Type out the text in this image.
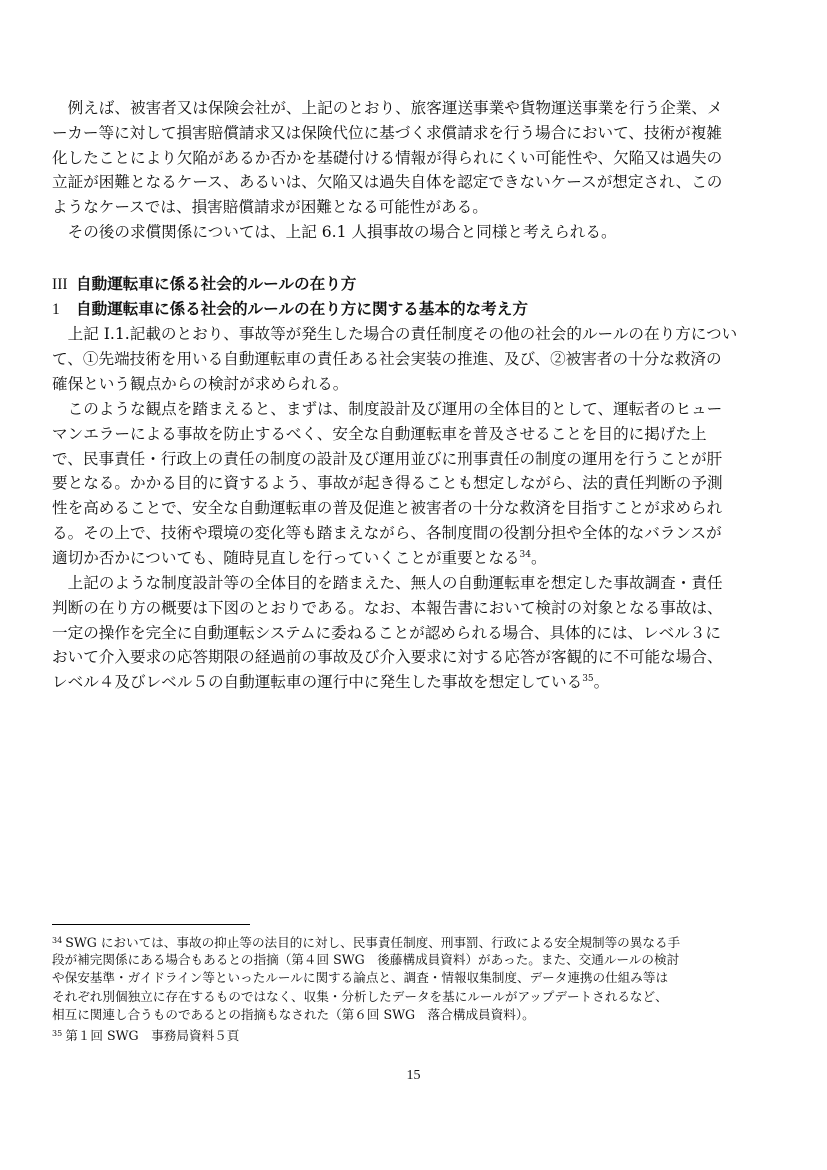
　例えば、被害者又は保険会社が、上記のとおり、旅客運送事業や貨物運送事業を行う企業、メ
ーカー等に対して損害賠償請求又は保険代位に基づく求償請求を行う場合において、技術が複雑
化したことにより欠陥があるか否かを基礎付ける情報が得られにくい可能性や、欠陥又は過失の
立証が困難となるケース、あるいは、欠陥又は過失自体を認定できないケースが想定され、この
ようなケースでは、損害賠償請求が困難となる可能性がある。
　その後の求償関係については、上記 6.1 人損事故の場合と同様と考えられる。
III 自動運転車に係る社会的ルールの在り方
1 自動運転車に係る社会的ルールの在り方に関する基本的な考え方
　上記 I.1.記載のとおり、事故等が発生した場合の責任制度その他の社会的ルールの在り方につい
て、①先端技術を用いる自動運転車の責任ある社会実装の推進、及び、②被害者の十分な救済の
確保という観点からの検討が求められる。
　このような観点を踏まえると、まずは、制度設計及び運用の全体目的として、運転者のヒュー
マンエラーによる事故を防止するべく、安全な自動運転車を普及させることを目的に掲げた上
で、民事責任・行政上の責任の制度の設計及び運用並びに刑事責任の制度の運用を行うことが肝
要となる。かかる目的に資するよう、事故が起き得ることも想定しながら、法的責任判断の予測
性を高めることで、安全な自動運転車の普及促進と被害者の十分な救済を目指すことが求められ
る。その上で、技術や環境の変化等も踏まえながら、各制度間の役割分担や全体的なバランスが
適切か否かについても、随時見直しを行っていくことが重要となる$^{34}$。
　上記のような制度設計等の全体目的を踏まえた、無人の自動運転車を想定した事故調査・責任
判断の在り方の概要は下図のとおりである。なお、本報告書において検討の対象となる事故は、
一定の操作を完全に自動運転システムに委ねることが認められる場合、具体的には、レベル３に
おいて介入要求の応答期限の経過前の事故及び介入要求に対する応答が客観的に不可能な場合、
レベル４及びレベル５の自動運転車の運行中に発生した事故を想定している$^{35}$。
$^{34}$ SWG においては、事故の抑止等の法目的に対し、民事責任制度、刑事罰、行政による安全規制等の異なる手
段が補完関係にある場合もあるとの指摘（第４回 SWG　後藤構成員資料）があった。また、交通ルールの検討
や保安基準・ガイドライン等といったルールに関する論点と、調査・情報収集制度、データ連携の仕組み等は
それぞれ別個独立に存在するものではなく、収集・分析したデータを基にルールがアップデートされるなど、
相互に関連し合うものであるとの指摘もなされた（第６回 SWG　落合構成員資料）。
$^{35}$ 第１回 SWG　事務局資料５頁
15
